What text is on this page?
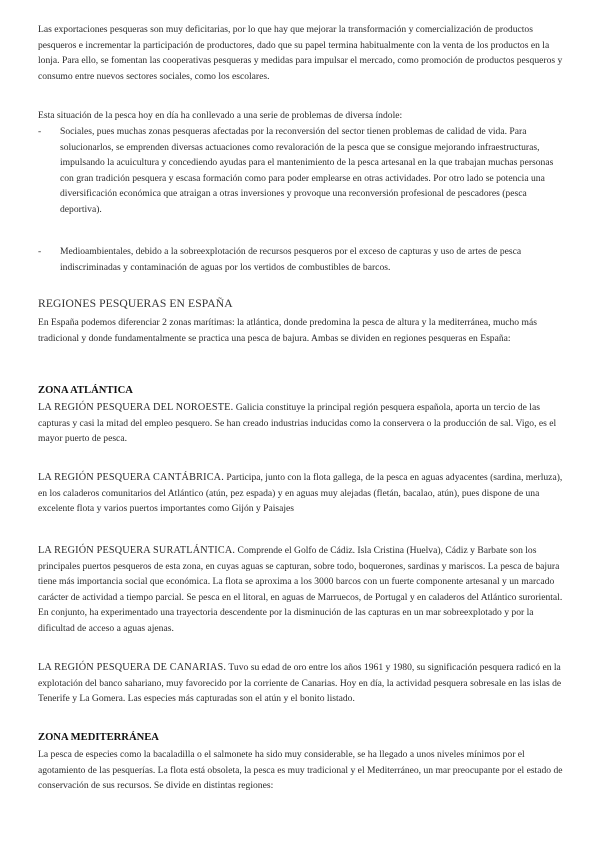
Las exportaciones pesqueras son muy deficitarias, por lo que hay que mejorar la transformación y comercialización de productos pesqueros e incrementar la participación de productores, dado que su papel termina habitualmente con la venta de los productos en la lonja. Para ello, se fomentan las cooperativas pesqueras y medidas para impulsar el mercado, como promoción de productos pesqueros y consumo entre nuevos sectores sociales, como los escolares.

Esta situación de la pesca hoy en día ha conllevado a una serie de problemas de diversa índole:

- Sociales, pues muchas zonas pesqueras afectadas por la reconversión del sector tienen problemas de calidad de vida. Para solucionarlos, se emprenden diversas actuaciones como revaloración de la pesca que se consigue mejorando infraestructuras, impulsando la acuicultura y concediendo ayudas para el mantenimiento de la pesca artesanal en la que trabajan muchas personas con gran tradición pesquera y escasa formación como para poder emplearse en otras actividades. Por otro lado se potencia una diversificación económica que atraigan a otras inversiones y provoque una reconversión profesional de pescadores (pesca deportiva).

- Medioambientales, debido a la sobreexplotación de recursos pesqueros por el exceso de capturas y uso de artes de pesca indiscriminadas y contaminación de aguas por los vertidos de combustibles de barcos.

REGIONES PESQUERAS EN ESPAÑA

En España podemos diferenciar 2 zonas marítimas: la atlántica, donde predomina la pesca de altura y la mediterránea, mucho más tradicional y donde fundamentalmente se practica una pesca de bajura. Ambas se dividen en regiones pesqueras en España:

ZONA ATLÁNTICA

LA REGIÓN PESQUERA DEL NOROESTE. Galicia constituye la principal región pesquera española, aporta un tercio de las capturas y casi la mitad del empleo pesquero. Se han creado industrias inducidas como la conservera o la producción de sal. Vigo, es el mayor puerto de pesca.

LA REGIÓN PESQUERA CANTÁBRICA. Participa, junto con la flota gallega, de la pesca en aguas adyacentes (sardina, merluza), en los caladeros comunitarios del Atlántico (atún, pez espada) y en aguas muy alejadas (fletán, bacalao, atún), pues dispone de una excelente flota y varios puertos importantes como Gijón y Paisajes

LA REGIÓN PESQUERA SURATLÁNTICA. Comprende el Golfo de Cádiz. Isla Cristina (Huelva), Cádiz y Barbate son los principales puertos pesqueros de esta zona, en cuyas aguas se capturan, sobre todo, boquerones, sardinas y mariscos. La pesca de bajura tiene más importancia social que económica. La flota se aproxima a los 3000 barcos con un fuerte componente artesanal y un marcado carácter de actividad a tiempo parcial. Se pesca en el litoral, en aguas de Marruecos, de Portugal y en caladeros del Atlántico suroriental. En conjunto, ha experimentado una trayectoria descendente por la disminución de las capturas en un mar sobreexplotado y por la dificultad de acceso a aguas ajenas.

LA REGIÓN PESQUERA DE CANARIAS. Tuvo su edad de oro entre los años 1961 y 1980, su significación pesquera radicó en la explotación del banco sahariano, muy favorecido por la corriente de Canarias. Hoy en día, la actividad pesquera sobresale en las islas de Tenerife y La Gomera. Las especies más capturadas son el atún y el bonito listado.

ZONA MEDITERRÁNEA

La pesca de especies como la bacaladilla o el salmonete ha sido muy considerable, se ha llegado a unos niveles mínimos por el agotamiento de las pesquerías. La flota está obsoleta, la pesca es muy tradicional y el Mediterráneo, un mar preocupante por el estado de conservación de sus recursos. Se divide en distintas regiones:
